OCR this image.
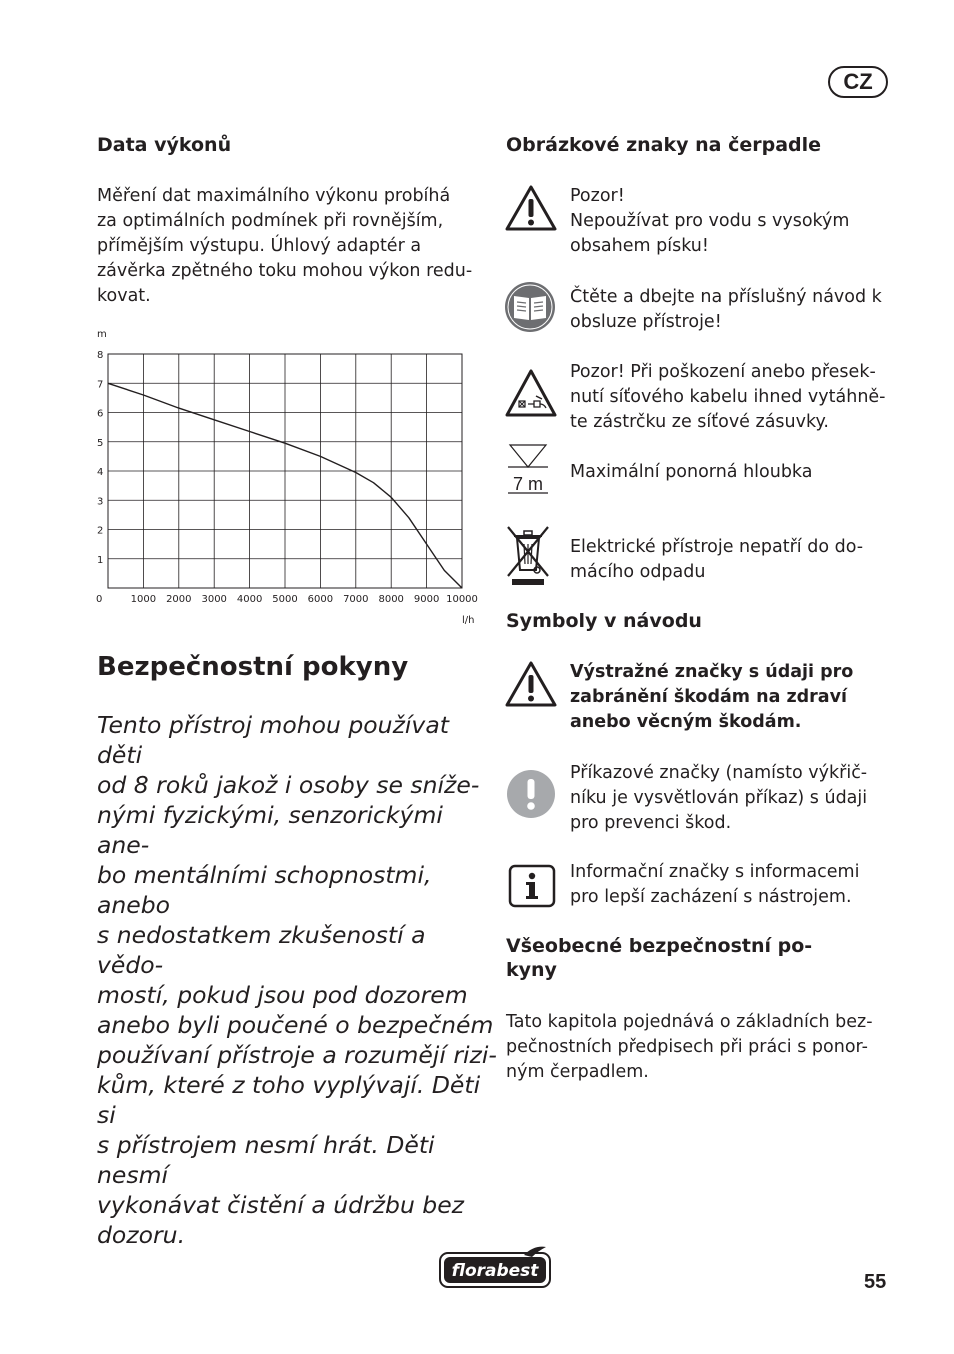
CZ
Data výkonů
Měření dat maximálního výkonu probíhá
za optimálních podmínek při rovnějším,
přímějším výstupu. Úhlový adaptér a
závěrka zpětného toku mohou výkon redu-
kovat.
1
2
3
4
5
6
7
8
0	1000 2000 3000 4000 5000 6000 7000 8000 9000 10000
m
l/h
Bezpečnostní pokyny
Tento přístroj mohou používat děti
od 8 roků jakož i osoby se sníže-
nými fyzickými, senzorickými ane-
bo mentálními schopnostmi, anebo
s nedostatkem zkušeností a vědo-
mostí, pokud jsou pod dozorem
anebo byli poučené o bezpečném
používaní přístroje a rozumějí rizi-
kům, které z toho vyplývají. Děti si
s přístrojem nesmí hrát. Děti nesmí
vykonávat čistění a údržbu bez
dozoru.
Obrázkové znaky na čerpadle
Pozor!
Nepoužívat pro vodu s vysokým
obsahem písku!
Čtěte a dbejte na příslušný návod k
obsluze přístroje!
Pozor! Při poškození anebo přesek-
nutí síťového kabelu ihned vytáhně-
te zástrčku ze síťové zásuvky.
7 m
Maximální ponorná hloubka
Elektrické přístroje nepatří do do-
mácího odpadu
Symboly v návodu
Výstražné značky s údaji pro
zabránění škodám na zdraví
anebo věcným škodám.
Příkazové značky (namísto výkřič-
níku je vysvětlován příkaz) s údaji
pro prevenci škod.
Informační značky s informacemi
pro lepší zacházení s nástrojem.
Všeobecné bezpečnostní po-
kyny
Tato kapitola pojednává o základních bez-
pečnostních předpisech při práci s ponor-
ným čerpadlem.
florabest	55
